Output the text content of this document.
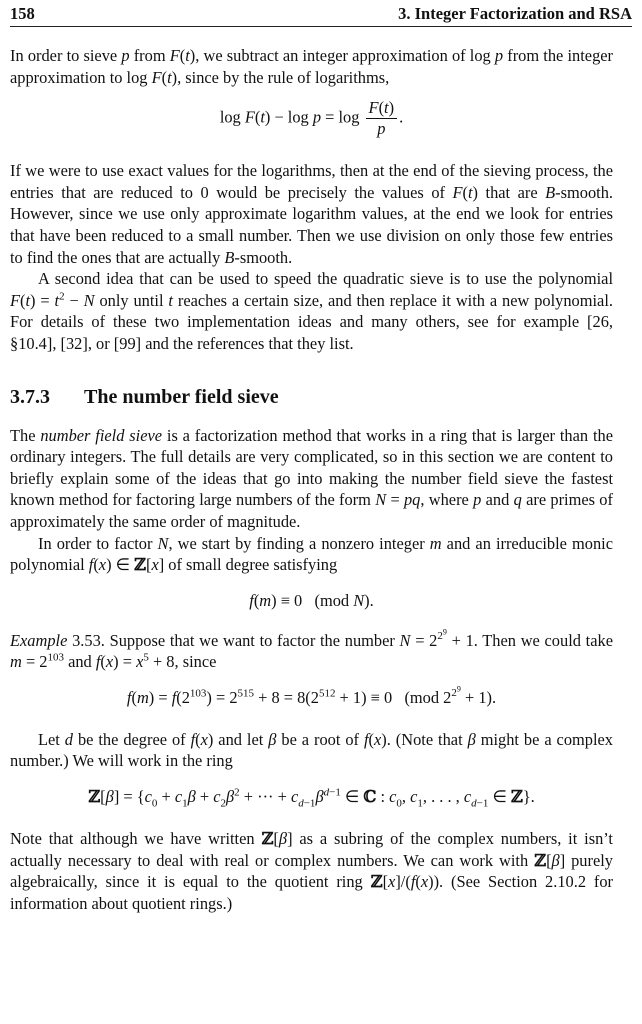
158	3. Integer Factorization and RSA

In order to sieve p from F(t), we subtract an integer approximation of log p from the integer approximation to log F(t), since by the rule of logarithms,

$\log F(t) - \log p = \log \frac{F(t)}{p}$ .

If we were to use exact values for the logarithms, then at the end of the sieving process, the entries that are reduced to 0 would be precisely the values of F(t) that are B-smooth. However, since we use only approximate logarithm values, at the end we look for entries that have been reduced to a small number. Then we use division on only those few entries to find the ones that are actually B-smooth.

A second idea that can be used to speed the quadratic sieve is to use the polynomial $F(t) = t^2 - N$ only until t reaches a certain size, and then replace it with a new polynomial. For details of these two implementation ideas and many others, see for example [26, §10.4], [32], or [99] and the references that they list.

3.7.3 The number field sieve

The number field sieve is a factorization method that works in a ring that is larger than the ordinary integers. The full details are very complicated, so in this section we are content to briefly explain some of the ideas that go into making the number field sieve the fastest known method for factoring large numbers of the form N = pq, where p and q are primes of approximately the same order of magnitude.

In order to factor N, we start by finding a nonzero integer m and an irreducible monic polynomial f(x) ∈ ℤ[x] of small degree satisfying

f(m) ≡ 0   (mod N).

Example 3.53. Suppose that we want to factor the number $N = 2^{2^9} + 1$. Then we could take $m = 2^{103}$ and $f(x) = x^5 + 8$, since

$f(m) = f(2^{103}) = 2^{515} + 8 = 8(2^{512} + 1) \equiv 0$   (mod $2^{2^9} + 1$).

Let d be the degree of f(x) and let β be a root of f(x). (Note that β might be a complex number.) We will work in the ring

ℤ[β] = {$c_0 + c_1\beta + c_2\beta^2$ + ··· + $c_{d-1}\beta^{d-1}$ ∈ ℂ : $c_0$, $c_1$, . . . , $c_{d-1}$ ∈ ℤ}.

Note that although we have written ℤ[β] as a subring of the complex numbers, it isn’t actually necessary to deal with real or complex numbers. We can work with ℤ[β] purely algebraically, since it is equal to the quotient ring ℤ[x]/(f(x)). (See Section 2.10.2 for information about quotient rings.)
